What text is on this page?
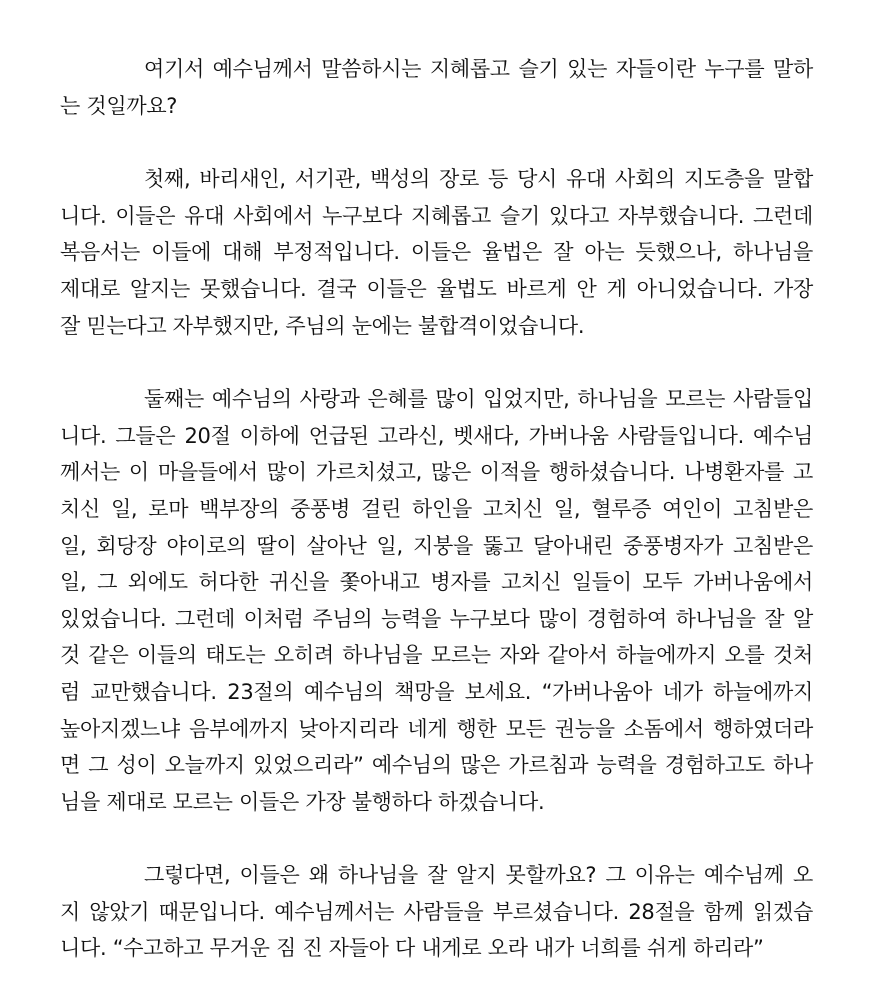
여기서 예수님께서 말씀하시는 지혜롭고 슬기 있는 자들이란 누구를 말하
는 것일까요?
첫째, 바리새인, 서기관, 백성의 장로 등 당시 유대 사회의 지도층을 말합
니다. 이들은 유대 사회에서 누구보다 지혜롭고 슬기 있다고 자부했습니다. 그런데
복음서는 이들에 대해 부정적입니다. 이들은 율법은 잘 아는 듯했으나, 하나님을
제대로 알지는 못했습니다. 결국 이들은 율법도 바르게 안 게 아니었습니다. 가장
잘 믿는다고 자부했지만, 주님의 눈에는 불합격이었습니다.
둘째는 예수님의 사랑과 은혜를 많이 입었지만, 하나님을 모르는 사람들입
니다. 그들은 20절 이하에 언급된 고라신, 벳새다, 가버나움 사람들입니다. 예수님
께서는 이 마을들에서 많이 가르치셨고, 많은 이적을 행하셨습니다. 나병환자를 고
치신 일, 로마 백부장의 중풍병 걸린 하인을 고치신 일, 혈루증 여인이 고침받은
일, 회당장 야이로의 딸이 살아난 일, 지붕을 뚫고 달아내린 중풍병자가 고침받은
일, 그 외에도 허다한 귀신을 쫓아내고 병자를 고치신 일들이 모두 가버나움에서
있었습니다. 그런데 이처럼 주님의 능력을 누구보다 많이 경험하여 하나님을 잘 알
것 같은 이들의 태도는 오히려 하나님을 모르는 자와 같아서 하늘에까지 오를 것처
럼 교만했습니다. 23절의 예수님의 책망을 보세요. “가버나움아 네가 하늘에까지
높아지겠느냐 음부에까지 낮아지리라 네게 행한 모든 권능을 소돔에서 행하였더라
면 그 성이 오늘까지 있었으리라” 예수님의 많은 가르침과 능력을 경험하고도 하나
님을 제대로 모르는 이들은 가장 불행하다 하겠습니다.
그렇다면, 이들은 왜 하나님을 잘 알지 못할까요? 그 이유는 예수님께 오
지 않았기 때문입니다. 예수님께서는 사람들을 부르셨습니다. 28절을 함께 읽겠습
니다. “수고하고 무거운 짐 진 자들아 다 내게로 오라 내가 너희를 쉬게 하리라”
